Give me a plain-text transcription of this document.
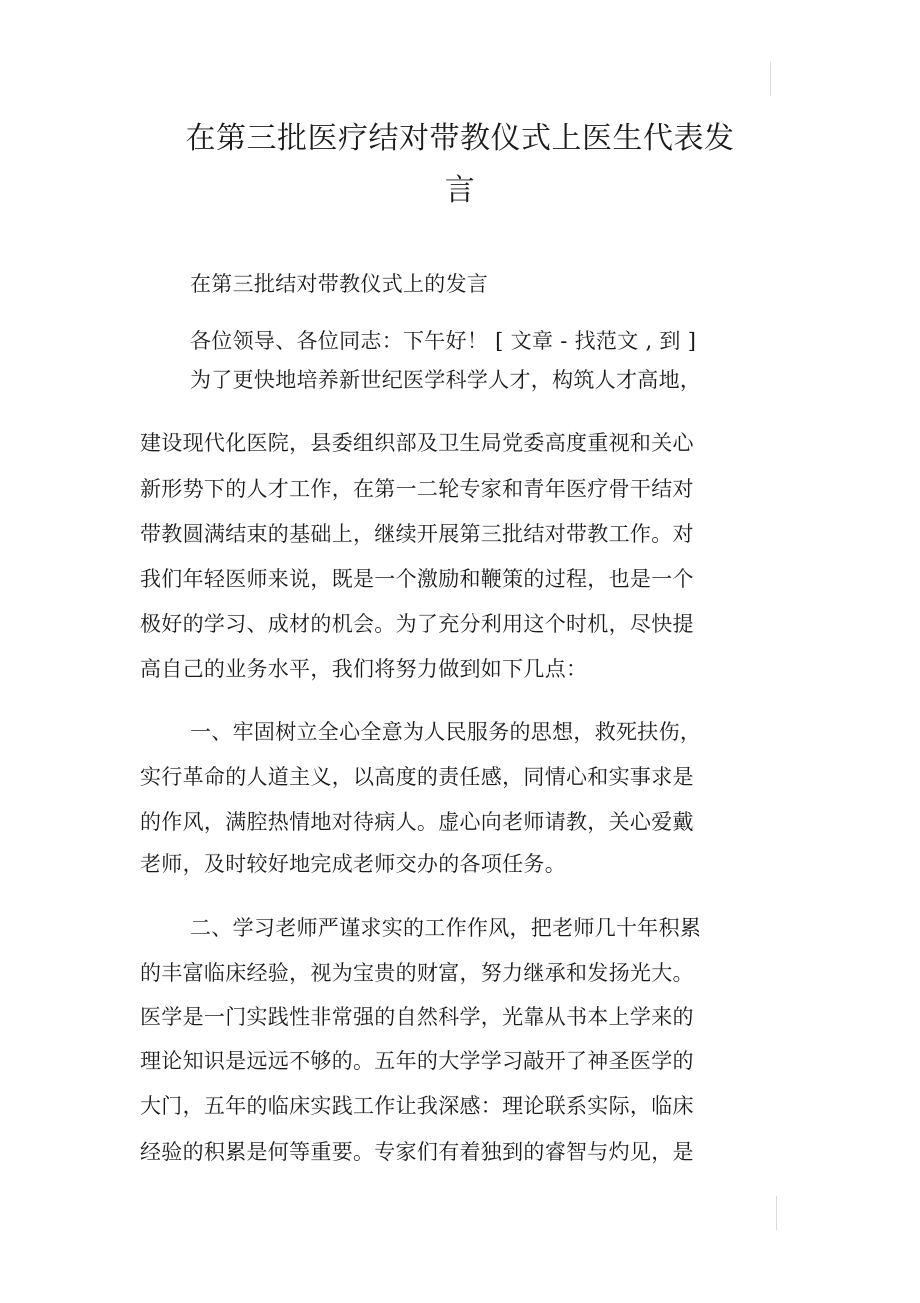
在第三批医疗结对带教仪式上医生代表发
言
在第三批结对带教仪式上的发言
各位领导、各位同志：下午好！ [ 文章 - 找范文 , 到 ]
为了更快地培养新世纪医学科学人才，构筑人才高地，
建设现代化医院，县委组织部及卫生局党委高度重视和关心
新形势下的人才工作，在第一二轮专家和青年医疗骨干结对
带教圆满结束的基础上，继续开展第三批结对带教工作。对
我们年轻医师来说，既是一个激励和鞭策的过程，也是一个
极好的学习、成材的机会。为了充分利用这个时机，尽快提
高自己的业务水平，我们将努力做到如下几点：
一、牢固树立全心全意为人民服务的思想，救死扶伤，
实行革命的人道主义，以高度的责任感，同情心和实事求是
的作风，满腔热情地对待病人。虚心向老师请教，关心爱戴
老师，及时较好地完成老师交办的各项任务。
二、学习老师严谨求实的工作作风，把老师几十年积累
的丰富临床经验，视为宝贵的财富，努力继承和发扬光大。
医学是一门实践性非常强的自然科学，光靠从书本上学来的
理论知识是远远不够的。五年的大学学习敲开了神圣医学的
大门，五年的临床实践工作让我深感：理论联系实际，临床
经验的积累是何等重要。专家们有着独到的睿智与灼见，是
